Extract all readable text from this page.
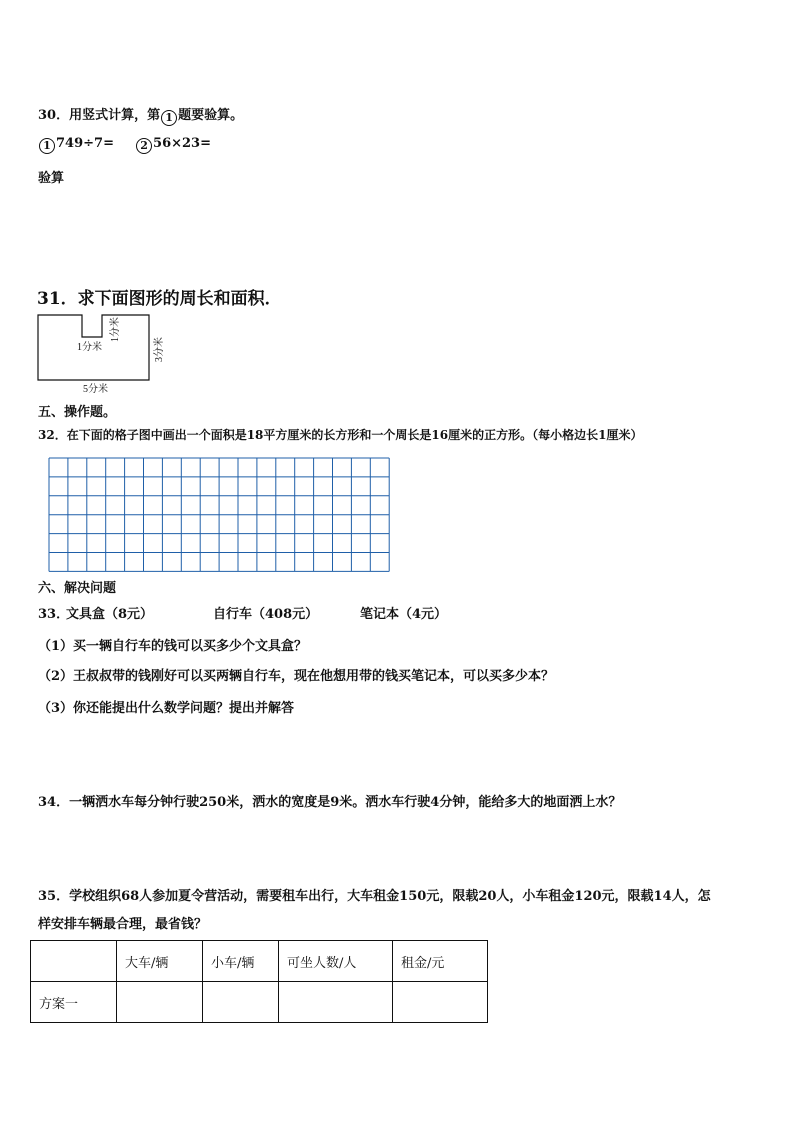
30．用竖式计算，第 1 题要验算。
1 749÷7= 2 56×23=
验算
31．求下面图形的周长和面积．
1分米
1分米
3分米
5分米
五、操作题。
32．在下面的格子图中画出一个面积是18平方厘米的长方形和一个周长是16厘米的正方形。（每小格边长1厘米）
六、解决问题
33．
文具盒（8元）	自行车（408元）	笔记本（4元）
（1）买一辆自行车的钱可以买多少个文具盒？
（2）王叔叔带的钱刚好可以买两辆自行车，现在他想用带的钱买笔记本，可以买多少本？
（3）你还能提出什么数学问题？提出并解答
34．一辆洒水车每分钟行驶250米，洒水的宽度是9米。洒水车行驶4分钟，能给多大的地面洒上水？
35．学校组织68人参加夏令营活动，需要租车出行，大车租金150元，限载20人，小车租金120元，限载14人，怎
样安排车辆最合理，最省钱？
	大车/辆	小车/辆	可坐人数/人	租金/元
方案一				
